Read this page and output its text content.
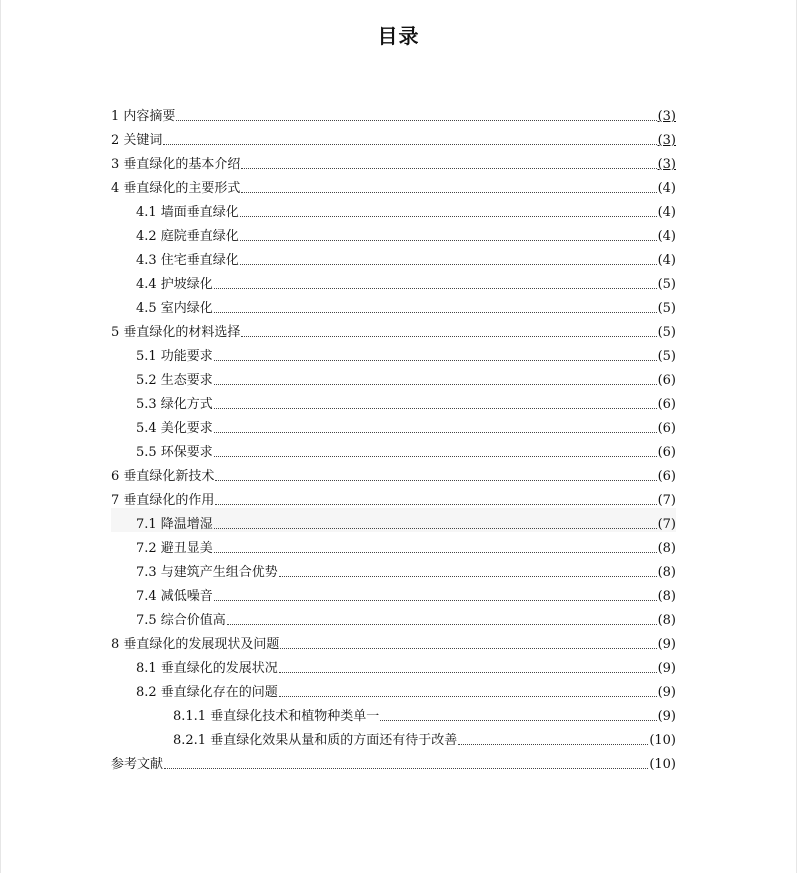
目录
1 内容摘要	(3)
2 关键词	(3)
3 垂直绿化的基本介绍	(3)
4 垂直绿化的主要形式	(4)
4.1 墙面垂直绿化	(4)
4.2 庭院垂直绿化	(4)
4.3 住宅垂直绿化	(4)
4.4 护坡绿化	(5)
4.5 室内绿化	(5)
5 垂直绿化的材料选择	(5)
5.1 功能要求	(5)
5.2 生态要求	(6)
5.3 绿化方式	(6)
5.4 美化要求	(6)
5.5 环保要求	(6)
6 垂直绿化新技术	(6)
7 垂直绿化的作用	(7)
7.1 降温增湿	(7)
7.2 避丑显美	(8)
7.3 与建筑产生组合优势	(8)
7.4 减低噪音	(8)
7.5 综合价值高	(8)
8 垂直绿化的发展现状及问题	(9)
8.1 垂直绿化的发展状况	(9)
8.2 垂直绿化存在的问题	(9)
8.1.1 垂直绿化技术和植物种类单一	(9)
8.2.1 垂直绿化效果从量和质的方面还有待于改善	(10)
参考文献	(10)
